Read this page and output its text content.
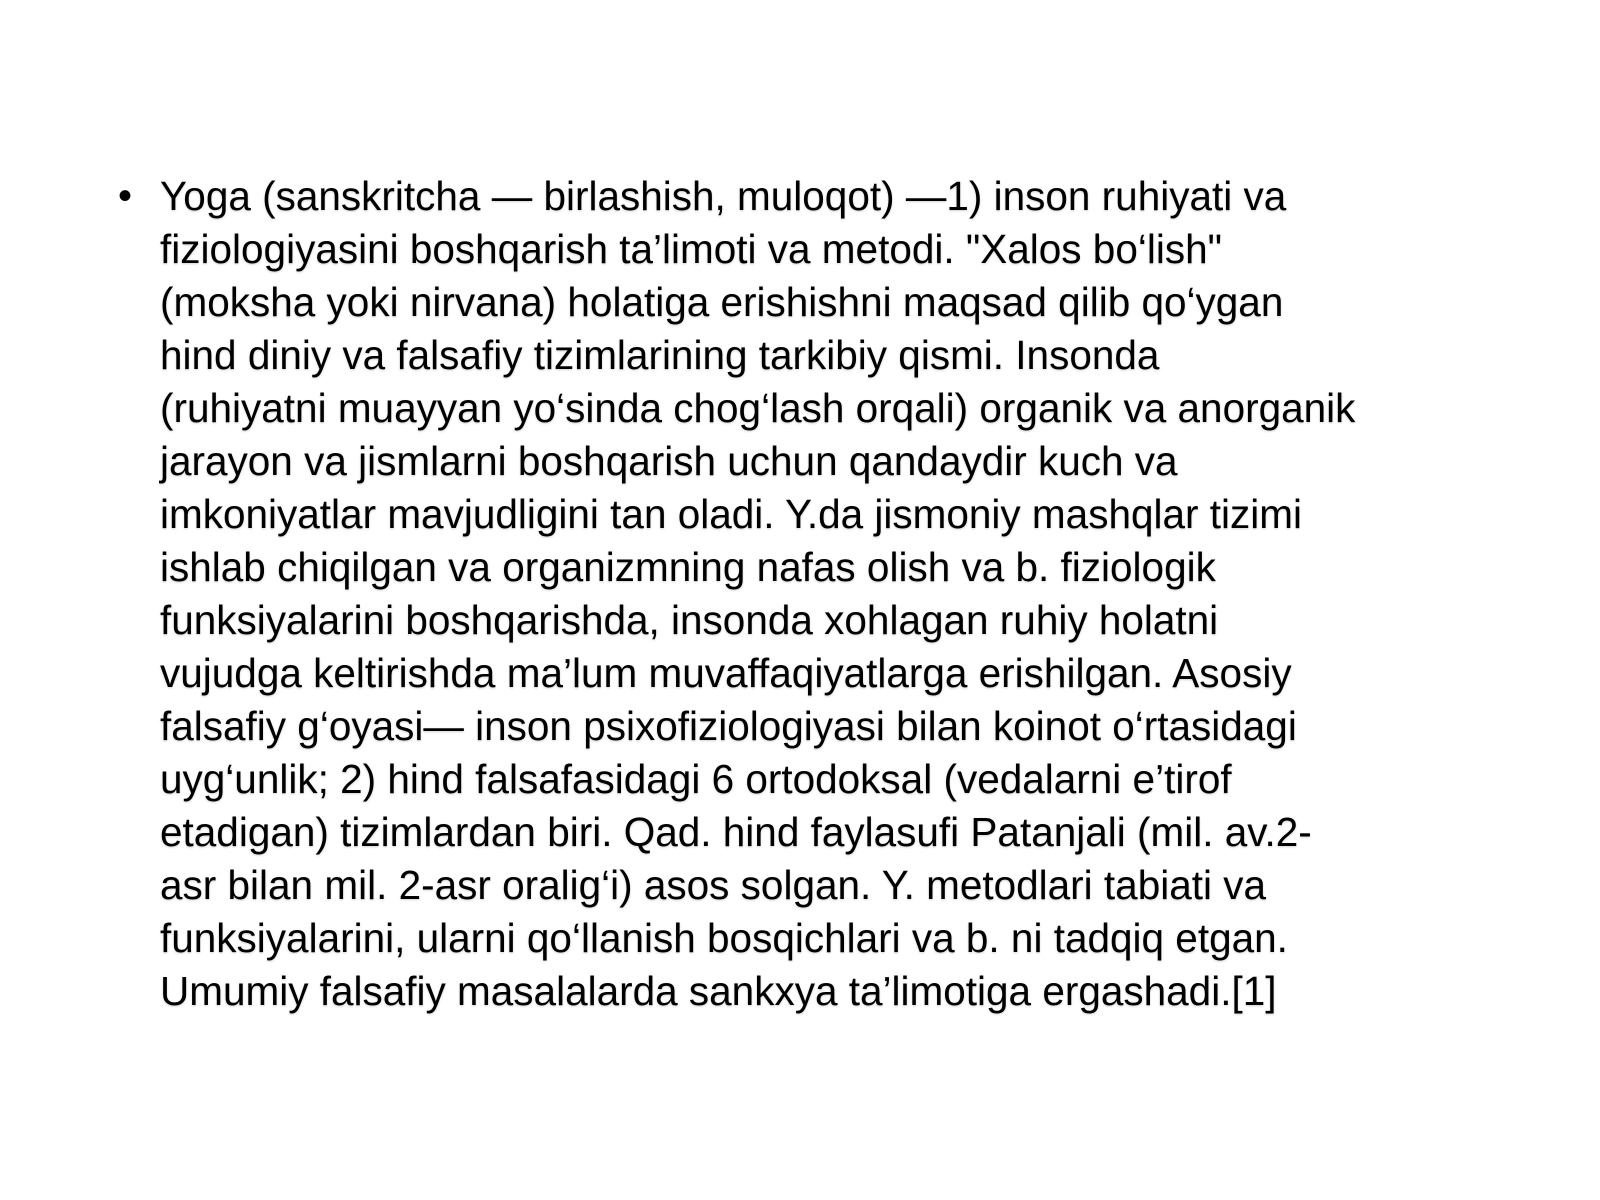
• Yoga (sanskritcha — birlashish, muloqot) —1) inson ruhiyati va
fiziologiyasini boshqarish ta’limoti va metodi. "Xalos bo‘lish"
(moksha yoki nirvana) holatiga erishishni maqsad qilib qo‘ygan
hind diniy va falsafiy tizimlarining tarkibiy qismi. Insonda
(ruhiyatni muayyan yo‘sinda chog‘lash orqali) organik va anorganik
jarayon va jismlarni boshqarish uchun qandaydir kuch va
imkoniyatlar mavjudligini tan oladi. Y.da jismoniy mashqlar tizimi
ishlab chiqilgan va organizmning nafas olish va b. fiziologik
funksiyalarini boshqarishda, insonda xohlagan ruhiy holatni
vujudga keltirishda ma’lum muvaffaqiyatlarga erishilgan. Asosiy
falsafiy g‘oyasi— inson psixofiziologiyasi bilan koinot o‘rtasidagi
uyg‘unlik; 2) hind falsafasidagi 6 ortodoksal (vedalarni e’tirof
etadigan) tizimlardan biri. Qad. hind faylasufi Patanjali (mil. av.2-
asr bilan mil. 2-asr oralig‘i) asos solgan. Y. metodlari tabiati va
funksiyalarini, ularni qo‘llanish bosqichlari va b. ni tadqiq etgan.
Umumiy falsafiy masalalarda sankxya ta’limotiga ergashadi.[1]
